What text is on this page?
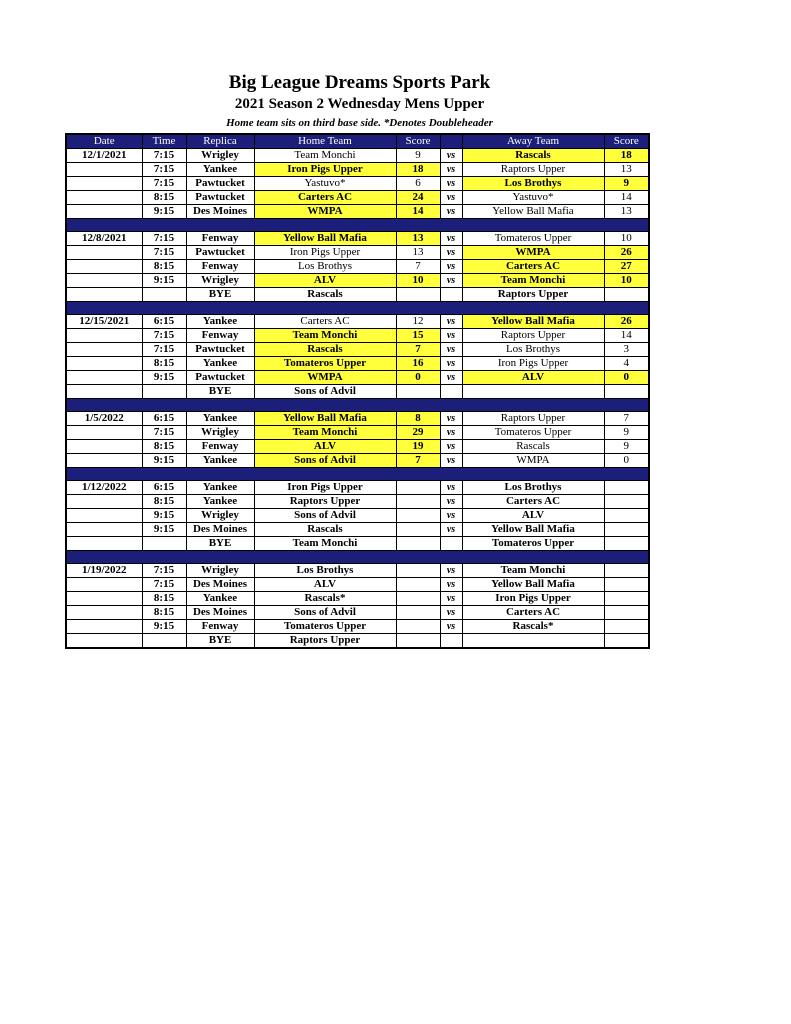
Big League Dreams Sports Park
2021 Season 2 Wednesday Mens Upper
Home team sits on third base side. *Denotes Doubleheader
Date	Time	Replica	Home Team	Score		Away Team	Score
12/1/2021	7:15	Wrigley	Team Monchi	9	vs	Rascals	18
	7:15	Yankee	Iron Pigs Upper	18	vs	Raptors Upper	13
	7:15	Pawtucket	Yastuvo*	6	vs	Los Brothys	9
	8:15	Pawtucket	Carters AC	24	vs	Yastuvo*	14
	9:15	Des Moines	WMPA	14	vs	Yellow Ball Mafia	13

12/8/2021	7:15	Fenway	Yellow Ball Mafia	13	vs	Tomateros Upper	10
	7:15	Pawtucket	Iron Pigs Upper	13	vs	WMPA	26
	8:15	Fenway	Los Brothys	7	vs	Carters AC	27
	9:15	Wrigley	ALV	10	vs	Team Monchi	10
		BYE	Rascals			Raptors Upper	

12/15/2021	6:15	Yankee	Carters AC	12	vs	Yellow Ball Mafia	26
	7:15	Fenway	Team Monchi	15	vs	Raptors Upper	14
	7:15	Pawtucket	Rascals	7	vs	Los Brothys	3
	8:15	Yankee	Tomateros Upper	16	vs	Iron Pigs Upper	4
	9:15	Pawtucket	WMPA	0	vs	ALV	0
		BYE	Sons of Advil				

1/5/2022	6:15	Yankee	Yellow Ball Mafia	8	vs	Raptors Upper	7
	7:15	Wrigley	Team Monchi	29	vs	Tomateros Upper	9
	8:15	Fenway	ALV	19	vs	Rascals	9
	9:15	Yankee	Sons of Advil	7	vs	WMPA	0

1/12/2022	6:15	Yankee	Iron Pigs Upper		vs	Los Brothys	
	8:15	Yankee	Raptors Upper		vs	Carters AC	
	9:15	Wrigley	Sons of Advil		vs	ALV	
	9:15	Des Moines	Rascals		vs	Yellow Ball Mafia	
		BYE	Team Monchi			Tomateros Upper	

1/19/2022	7:15	Wrigley	Los Brothys		vs	Team Monchi	
	7:15	Des Moines	ALV		vs	Yellow Ball Mafia	
	8:15	Yankee	Rascals*		vs	Iron Pigs Upper	
	8:15	Des Moines	Sons of Advil		vs	Carters AC	
	9:15	Fenway	Tomateros Upper		vs	Rascals*	
		BYE	Raptors Upper				
